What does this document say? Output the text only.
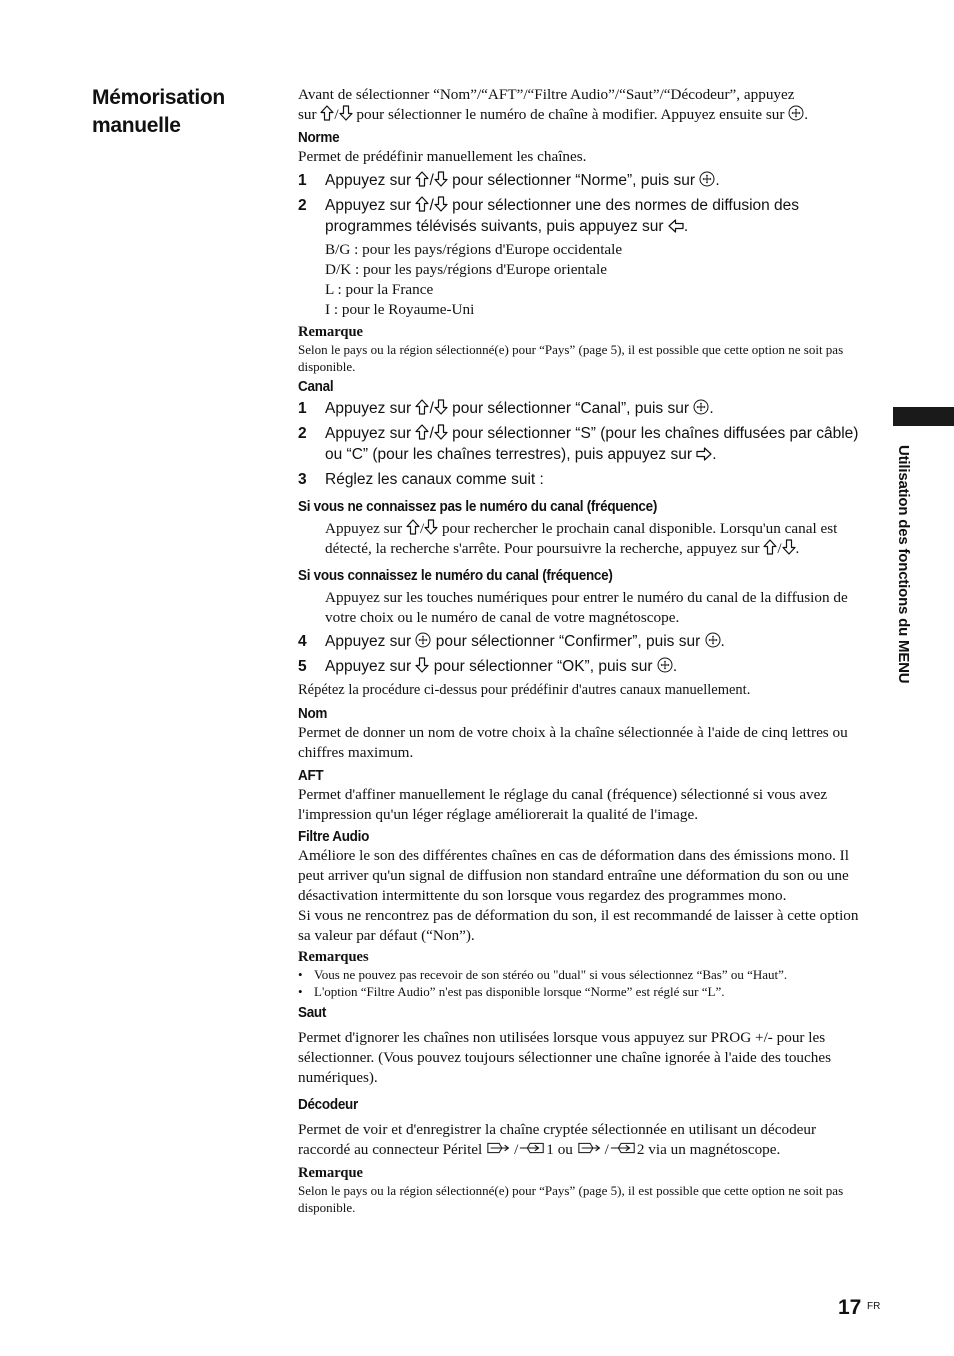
Mémorisation manuelle

Avant de sélectionner “Nom”/“AFT”/“Filtre Audio”/“Saut”/“Décodeur”, appuyez

sur / pour sélectionner le numéro de chaîne à modifier. Appuyez ensuite sur .

Norme

Permet de prédéfinir manuellement les chaînes.

1	Appuyez sur / pour sélectionner “Norme”, puis sur .
2	Appuyez sur / pour sélectionner une des normes de diffusion des programmes télévisés suivants, puis appuyez sur .

B/G : pour les pays/régions d'Europe occidentale

D/K : pour les pays/régions d'Europe orientale

L : pour la France

I : pour le Royaume-Uni

Remarque

Selon le pays ou la région sélectionné(e) pour “Pays” (page 5), il est possible que cette option ne soit pas disponible.

Canal

1	Appuyez sur / pour sélectionner “Canal”, puis sur .
2	Appuyez sur / pour sélectionner “S” (pour les chaînes diffusées par câble) ou “C” (pour les chaînes terrestres), puis appuyez sur .
3	Réglez les canaux comme suit :

Si vous ne connaissez pas le numéro du canal (fréquence)

Appuyez sur / pour rechercher le prochain canal disponible. Lorsqu'un canal est détecté, la recherche s'arrête. Pour poursuivre la recherche, appuyez sur / .

Si vous connaissez le numéro du canal (fréquence)

Appuyez sur les touches numériques pour entrer le numéro du canal de la diffusion de votre choix ou le numéro de canal de votre magnétoscope.

4	Appuyez sur  pour sélectionner “Confirmer”, puis sur .
5	Appuyez sur  pour sélectionner “OK”, puis sur .

Répétez la procédure ci-dessus pour prédéfinir d'autres canaux manuellement.

Nom

Permet de donner un nom de votre choix à la chaîne sélectionnée à l'aide de cinq lettres ou chiffres maximum.

AFT

Permet d'affiner manuellement le réglage du canal (fréquence) sélectionné si vous avez l'impression qu'un léger réglage améliorerait la qualité de l'image.

Filtre Audio

Améliore le son des différentes chaînes en cas de déformation dans des émissions mono. Il peut arriver qu'un signal de diffusion non standard entraîne une déformation du son ou une désactivation intermittente du son lorsque vous regardez des programmes mono.

Si vous ne rencontrez pas de déformation du son, il est recommandé de laisser à cette option sa valeur par défaut (“Non”).

Remarques

• Vous ne pouvez pas recevoir de son stéréo ou "dual" si vous sélectionnez “Bas” ou “Haut”.
• L'option “Filtre Audio” n'est pas disponible lorsque “Norme” est réglé sur “L”.

Saut

Permet d'ignorer les chaînes non utilisées lorsque vous appuyez sur PROG +/- pour les sélectionner. (Vous pouvez toujours sélectionner une chaîne ignorée à l'aide des touches numériques).

Décodeur

Permet de voir et d'enregistrer la chaîne cryptée sélectionnée en utilisant un décodeur

raccordé au connecteur Péritel / 1 ou / 2 via un magnétoscope.

Remarque

Selon le pays ou la région sélectionné(e) pour “Pays” (page 5), il est possible que cette option ne soit pas disponible.

Utilisation des fonctions du MENU
17 FR
